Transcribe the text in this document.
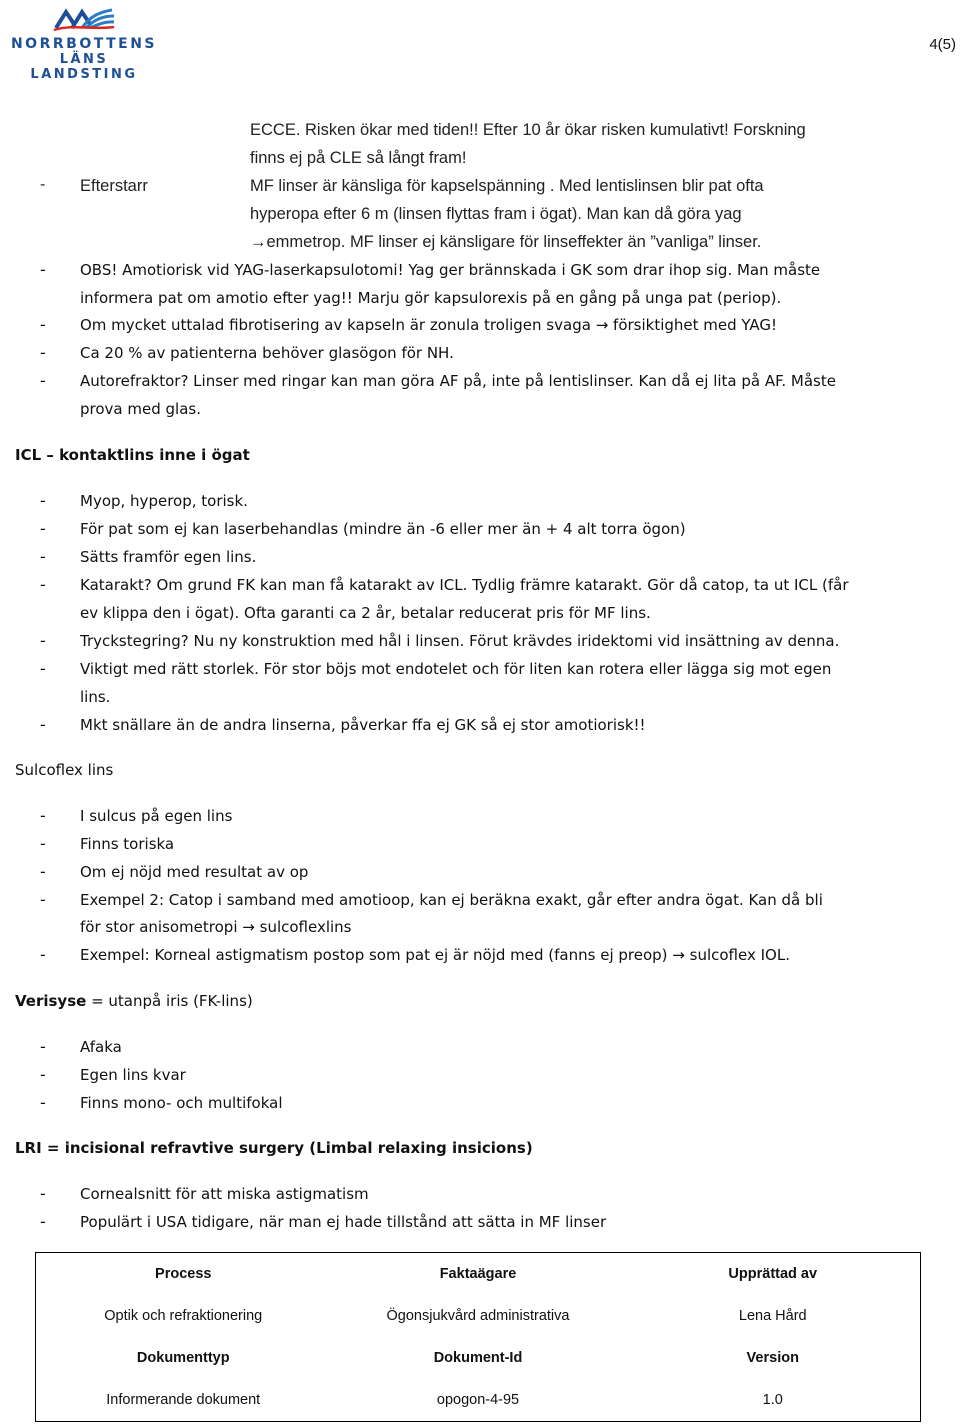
NORRBOTTENS
LÄNS LANDSTING
4(5)
ECCE. Risken ökar med tiden!! Efter 10 år ökar risken kumulativt! Forskning
finns ej på CLE så långt fram!
- Efterstarr	MF linser är känsliga för kapselspänning . Med lentislinsen blir pat ofta
hyperopa efter 6 m (linsen flyttas fram i ögat). Man kan då göra yag
→emmetrop. MF linser ej känsligare för linseffekter än ”vanliga” linser.
- OBS! Amotiorisk vid YAG-laserkapsulotomi! Yag ger brännskada i GK som drar ihop sig. Man måste
informera pat om amotio efter yag!! Marju gör kapsulorexis på en gång på unga pat (periop).
- Om mycket uttalad fibrotisering av kapseln är zonula troligen svaga → försiktighet med YAG!
- Ca 20 % av patienterna behöver glasögon för NH.
- Autorefraktor? Linser med ringar kan man göra AF på, inte på lentislinser. Kan då ej lita på AF. Måste
prova med glas.
ICL – kontaktlins inne i ögat
- Myop, hyperop, torisk.
- För pat som ej kan laserbehandlas (mindre än -6 eller mer än + 4 alt torra ögon)
- Sätts framför egen lins.
- Katarakt? Om grund FK kan man få katarakt av ICL. Tydlig främre katarakt. Gör då catop, ta ut ICL (får
ev klippa den i ögat). Ofta garanti ca 2 år, betalar reducerat pris för MF lins.
- Tryckstegring? Nu ny konstruktion med hål i linsen. Förut krävdes iridektomi vid insättning av denna.
- Viktigt med rätt storlek. För stor böjs mot endotelet och för liten kan rotera eller lägga sig mot egen
lins.
- Mkt snällare än de andra linserna, påverkar ffa ej GK så ej stor amotiorisk!!
Sulcoflex lins
- I sulcus på egen lins
- Finns toriska
- Om ej nöjd med resultat av op
- Exempel 2: Catop i samband med amotioop, kan ej beräkna exakt, går efter andra ögat. Kan då bli
för stor anisometropi → sulcoflexlins
- Exempel: Korneal astigmatism postop som pat ej är nöjd med (fanns ej preop) → sulcoflex IOL.
Verisyse = utanpå iris (FK-lins)
- Afaka
- Egen lins kvar
- Finns mono- och multifokal
LRI = incisional refravtive surgery (Limbal relaxing insicions)
- Cornealsnitt för att miska astigmatism
- Populärt i USA tidigare, när man ej hade tillstånd att sätta in MF linser
Process	Faktaägare	Upprättad av
Optik och refraktionering	Ögonsjukvård administrativa	Lena Hård
Dokumenttyp	Dokument-Id	Version
Informerande dokument	opogon-4-95	1.0
